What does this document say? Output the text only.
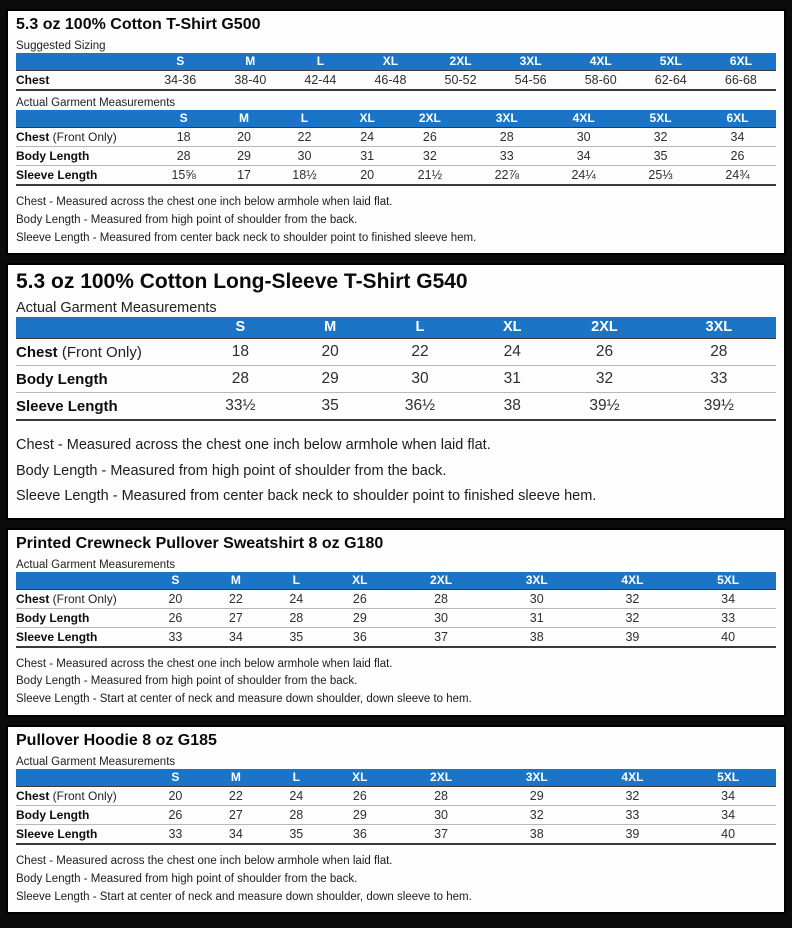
5.3 oz 100% Cotton T-Shirt G500
Suggested Sizing
	S	M	L	XL	2XL	3XL	4XL	5XL	6XL
Chest	34-36	38-40	42-44	46-48	50-52	54-56	58-60	62-64	66-68
Actual Garment Measurements
	S	M	L	XL	2XL	3XL	4XL	5XL	6XL
Chest (Front Only)	18	20	22	24	26	28	30	32	34
Body Length	28	29	30	31	32	33	34	35	26
Sleeve Length	15⅝	17	18½	20	21½	22⅞	24¼	25⅓	24¾

Chest - Measured across the chest one inch below armhole when laid flat.

Body Length - Measured from high point of shoulder from the back.

Sleeve Length - Measured from center back neck to shoulder point to finished sleeve hem.

5.3 oz 100% Cotton Long-Sleeve T-Shirt G540
Actual Garment Measurements
	S	M	L	XL	2XL	3XL
Chest (Front Only)	18	20	22	24	26	28
Body Length	28	29	30	31	32	33
Sleeve Length	33½	35	36½	38	39½	39½

Chest - Measured across the chest one inch below armhole when laid flat.

Body Length - Measured from high point of shoulder from the back.

Sleeve Length - Measured from center back neck to shoulder point to finished sleeve hem.

Printed Crewneck Pullover Sweatshirt 8 oz G180
Actual Garment Measurements
	S	M	L	XL	2XL	3XL	4XL	5XL
Chest (Front Only)	20	22	24	26	28	30	32	34
Body Length	26	27	28	29	30	31	32	33
Sleeve Length	33	34	35	36	37	38	39	40

Chest - Measured across the chest one inch below armhole when laid flat.

Body Length - Measured from high point of shoulder from the back.

Sleeve Length - Start at center of neck and measure down shoulder, down sleeve to hem.

Pullover Hoodie 8 oz G185
Actual Garment Measurements
	S	M	L	XL	2XL	3XL	4XL	5XL
Chest (Front Only)	20	22	24	26	28	29	32	34
Body Length	26	27	28	29	30	32	33	34
Sleeve Length	33	34	35	36	37	38	39	40

Chest - Measured across the chest one inch below armhole when laid flat.

Body Length - Measured from high point of shoulder from the back.

Sleeve Length - Start at center of neck and measure down shoulder, down sleeve to hem.
